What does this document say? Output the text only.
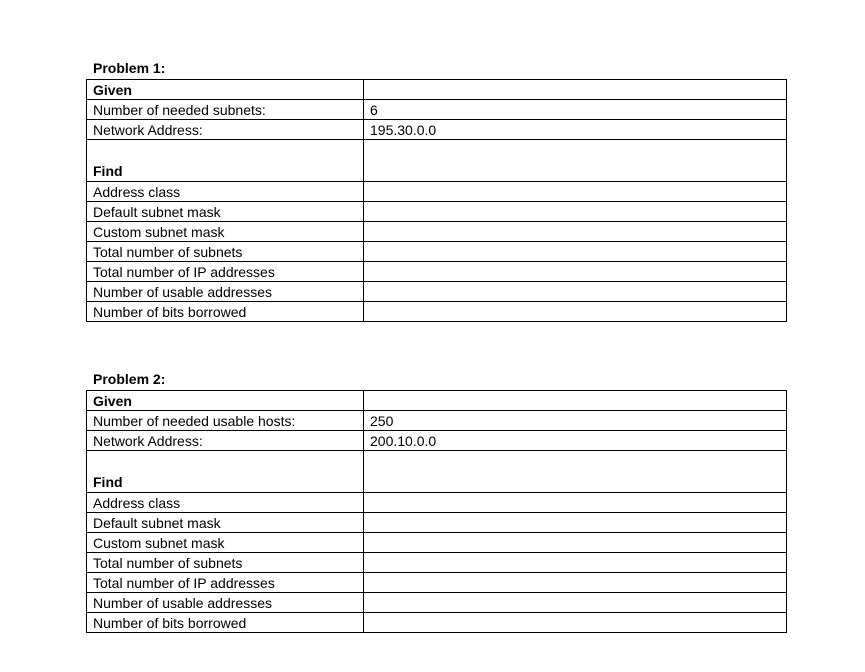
Problem 1:
Given	
Number of needed subnets:	6
Network Address:	195.30.0.0
Find	
Address class	
Default subnet mask	
Custom subnet mask	
Total number of subnets	
Total number of IP addresses	
Number of usable addresses	
Number of bits borrowed	
Problem 2:
Given	
Number of needed usable hosts:	250
Network Address:	200.10.0.0
Find	
Address class	
Default subnet mask	
Custom subnet mask	
Total number of subnets	
Total number of IP addresses	
Number of usable addresses	
Number of bits borrowed	
